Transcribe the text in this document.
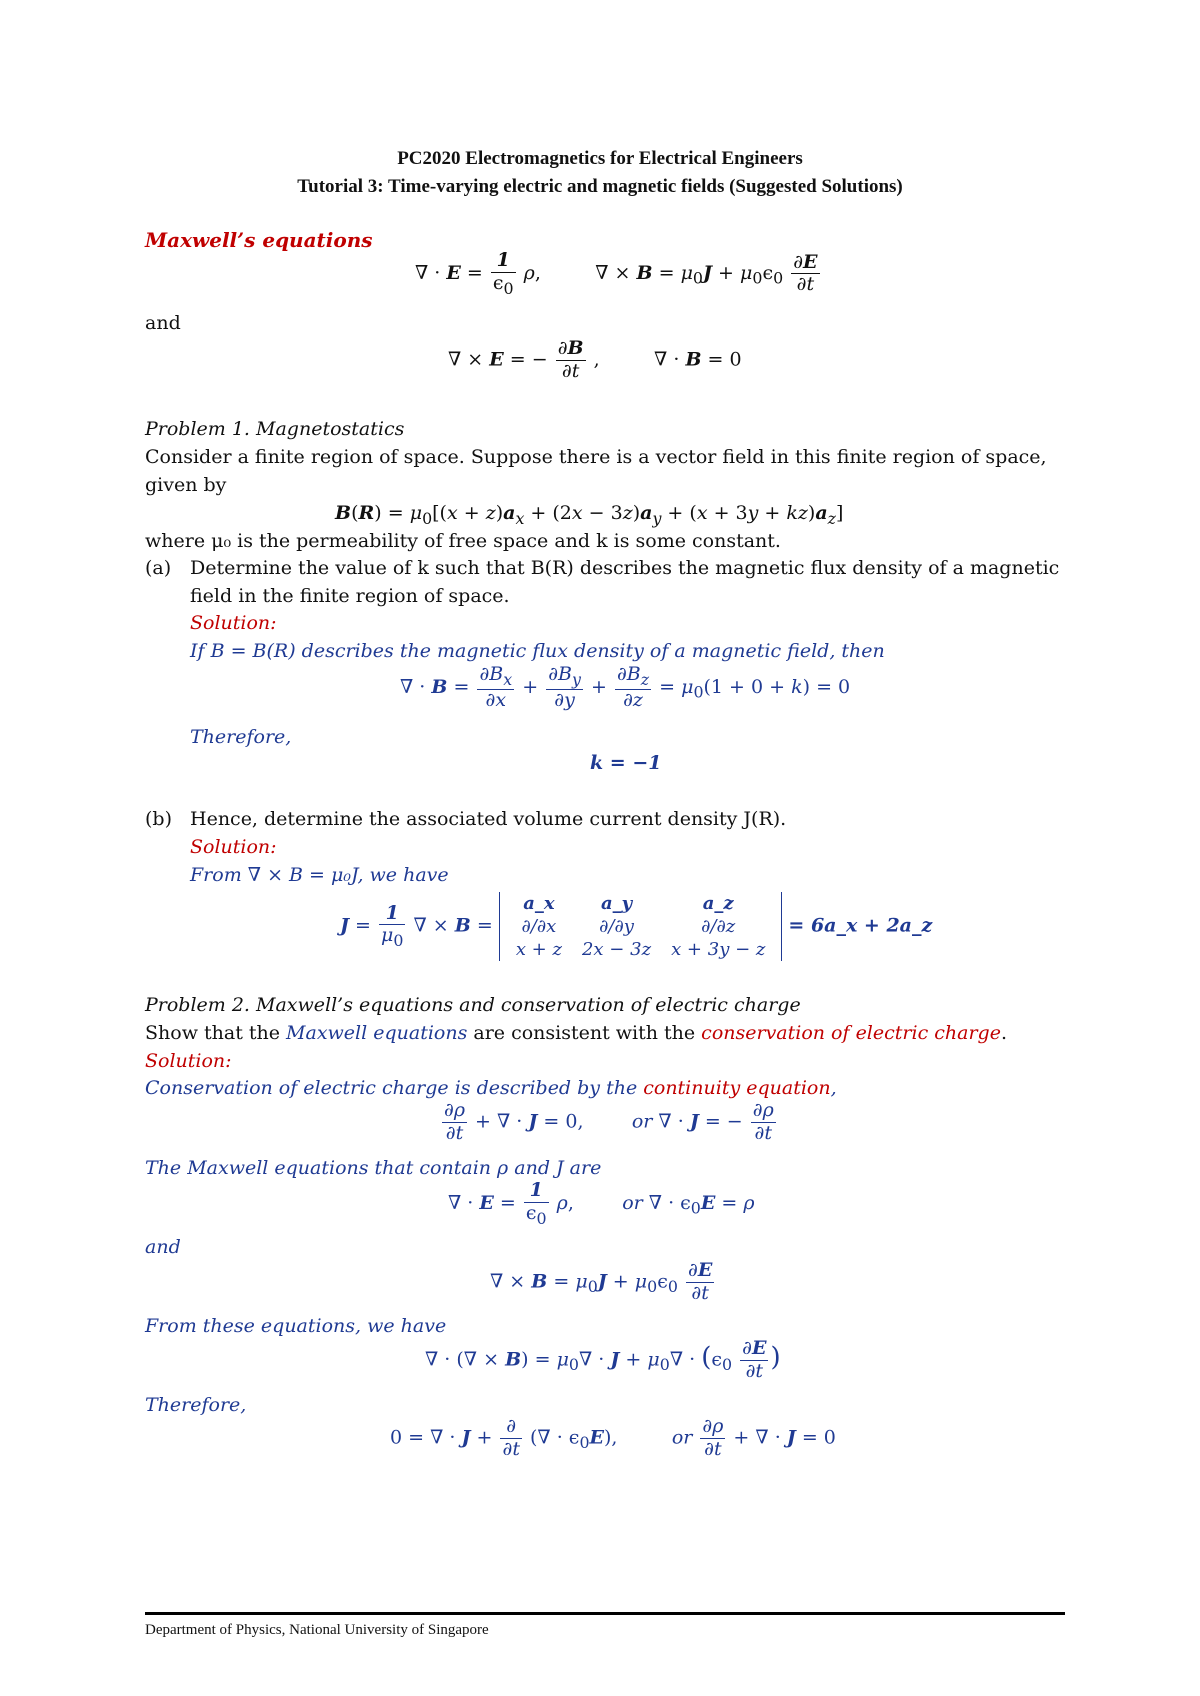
PC2020 Electromagnetics for Electrical Engineers
Tutorial 3: Time-varying electric and magnetic fields (Suggested Solutions)
Maxwell’s equations
∇ · $E = \frac{1}{\epsilon_0} \rho$,         ∇ × $B = \mu_0J + \mu_0\epsilon_0 \frac{\partial E}{\partial t}$
and
∇ × E = − $\frac{\partial B}{\partial t}$ ,         ∇ · B = 0
Problem 1. Magnetostatics
Consider a finite region of space. Suppose there is a vector field in this finite region of space,
given by
$B(R) = \mu_0[(x + z)a_x + (2x - 3z)a_y + (x + 3y + kz)a_z]$
where μ₀ is the permeability of free space and k is some constant.
(a) Determine the value of k such that B(R) describes the magnetic flux density of a magnetic
field in the finite region of space.
Solution:
If B = B(R) describes the magnetic flux density of a magnetic field, then
∇ · $B = \frac{\partial B_x}{\partial x} + \frac{\partial B_y}{\partial y} + \frac{\partial B_z}{\partial z} = \mu_0(1 + 0 + k) = 0$
Therefore,
k = −1
(b) Hence, determine the associated volume current density J(R).
Solution:
From ∇ × B = μ₀J, we have
$J = \frac{1}{\mu_0}$ ∇ × B =
a_x	a_y	a_z
∂/∂x	∂/∂y	∂/∂z
x + z	2x − 3z	x + 3y − z
= 6a_x + 2a_z
Problem 2. Maxwell’s equations and conservation of electric charge
Show that the Maxwell equations are consistent with the conservation of electric charge.
Solution:
Conservation of electric charge is described by the continuity equation,
$\frac{\partial\rho}{\partial t}$ + ∇ · J = 0,        or ∇ · J = − $\frac{\partial\rho}{\partial t}$
The Maxwell equations that contain ρ and J are
∇ · $E = \frac{1}{\epsilon_0} \rho$,        or ∇ · $\epsilon_0E = \rho$
and
∇ × $B = \mu_0J + \mu_0\epsilon_0 \frac{\partial E}{\partial t}$
From these equations, we have
∇ · (∇ × $B) = \mu_0\nabla \cdot J + \mu_0\nabla \cdot (\epsilon_0 \frac{\partial E}{\partial t}$ )
Therefore,
0 = ∇ · $J + \frac{\partial}{\partial t}$ (∇ · $\epsilon_0E$),         or $\frac{\partial\rho}{\partial t}$ + ∇ · J = 0
Department of Physics, National University of Singapore
